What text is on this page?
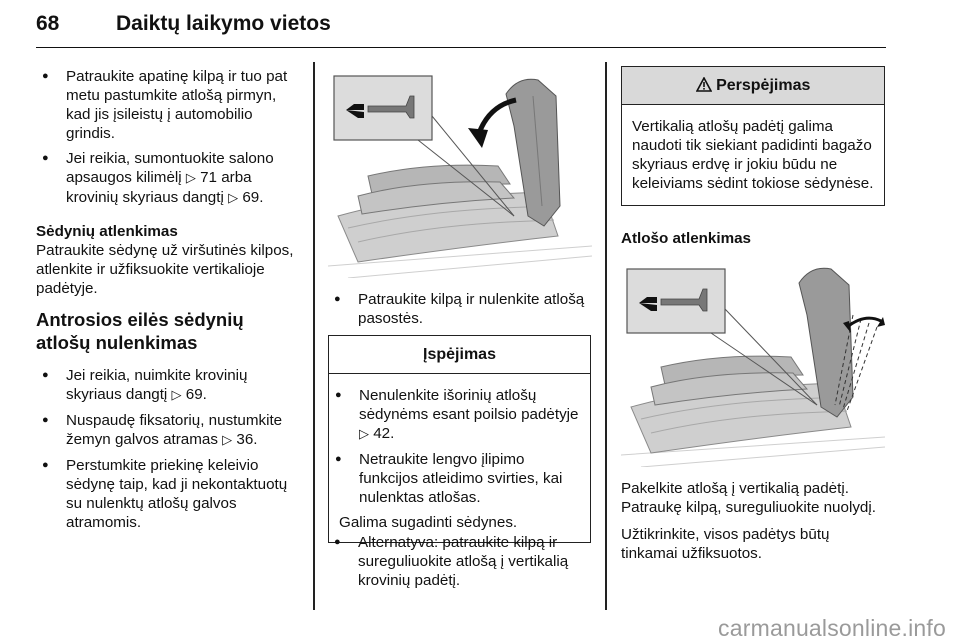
68	Daiktų laikymo vietos
● Patraukite apatinę kilpą ir tuo pat metu pastumkite atlošą pirmyn, kad jis įsileistų į automobilio grindis.
● Jei reikia, sumontuokite salono apsaugos kilimėlį ▷ 71 arba krovinių skyriaus dangtį ▷ 69.

Sėdynių atlenkimas

Patraukite sėdynę už viršutinės kilpos, atlenkite ir užfiksuokite vertikalioje padėtyje.

Antrosios eilės sėdynių atlošų nulenkimas

● Jei reikia, nuimkite krovinių skyriaus dangtį ▷ 69.
● Nuspaudę fiksatorių, nustumkite žemyn galvos atramas ▷ 36.
● Perstumkite priekinę keleivio sėdynę taip, kad ji nekontaktuotų su nulenktų atlošų galvos atramomis.
● Patraukite kilpą ir nulenkite atlošą pasostės.
Įspėjimas
● Nenulenkite išorinių atlošų sėdynėms esant poilsio padėtyje ▷ 42.
● Netraukite lengvo įlipimo funkcijos atleidimo svirties, kai nulenktas atlošas.

Galima sugadinti sėdynes.

● Alternatyva: patraukite kilpą ir sureguliuokite atlošą į vertikalią krovinių padėtį.
Perspėjimas

Vertikalią atlošų padėtį galima naudoti tik siekiant padidinti bagažo skyriaus erdvę ir jokiu būdu ne keleiviams sėdint tokiose sėdynėse.

Atlošo atlenkimas

Pakelkite atlošą į vertikalią padėtį. Patraukę kilpą, sureguliuokite nuolydį.

Užtikrinkite, visos padėtys būtų tinkamai užfiksuotos.

carmanualsonline.info
